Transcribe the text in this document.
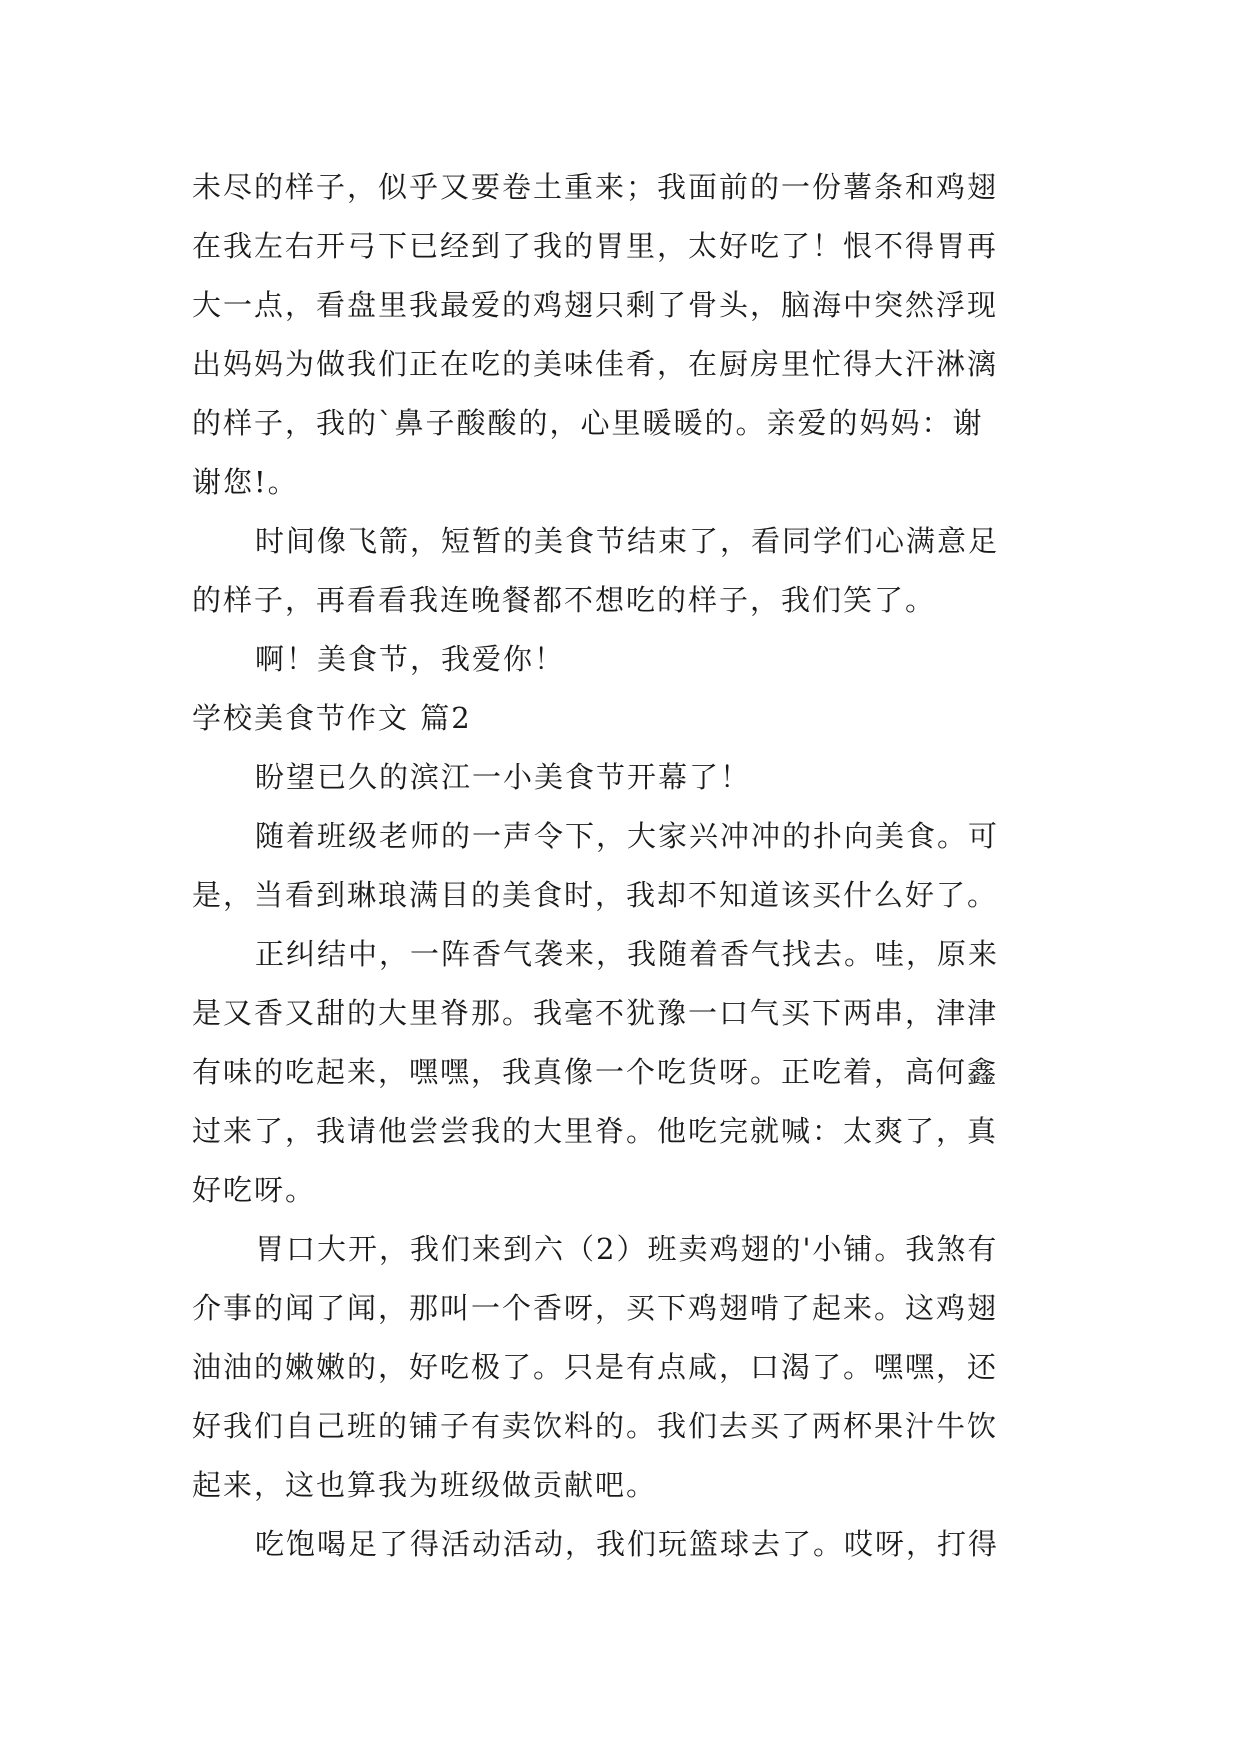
未尽的样子，似乎又要卷土重来；我面前的一份薯条和鸡翅
在我左右开弓下已经到了我的胃里，太好吃了！恨不得胃再
大一点，看盘里我最爱的鸡翅只剩了骨头，脑海中突然浮现
出妈妈为做我们正在吃的美味佳肴，在厨房里忙得大汗淋漓
的样子，我的`鼻子酸酸的，心里暖暖的。亲爱的妈妈：谢
谢您!。
时间像飞箭，短暂的美食节结束了，看同学们心满意足
的样子，再看看我连晚餐都不想吃的样子，我们笑了。
啊！美食节，我爱你！
学校美食节作文 篇2
盼望已久的滨江一小美食节开幕了！
随着班级老师的一声令下，大家兴冲冲的扑向美食。可
是，当看到琳琅满目的美食时，我却不知道该买什么好了。
正纠结中，一阵香气袭来，我随着香气找去。哇，原来
是又香又甜的大里脊那。我毫不犹豫一口气买下两串，津津
有味的吃起来，嘿嘿，我真像一个吃货呀。正吃着，高何鑫
过来了，我请他尝尝我的大里脊。他吃完就喊：太爽了，真
好吃呀。
胃口大开，我们来到六（2）班卖鸡翅的'小铺。我煞有
介事的闻了闻，那叫一个香呀，买下鸡翅啃了起来。这鸡翅
油油的嫩嫩的，好吃极了。只是有点咸，口渴了。嘿嘿，还
好我们自己班的铺子有卖饮料的。我们去买了两杯果汁牛饮
起来，这也算我为班级做贡献吧。
吃饱喝足了得活动活动，我们玩篮球去了。哎呀，打得
